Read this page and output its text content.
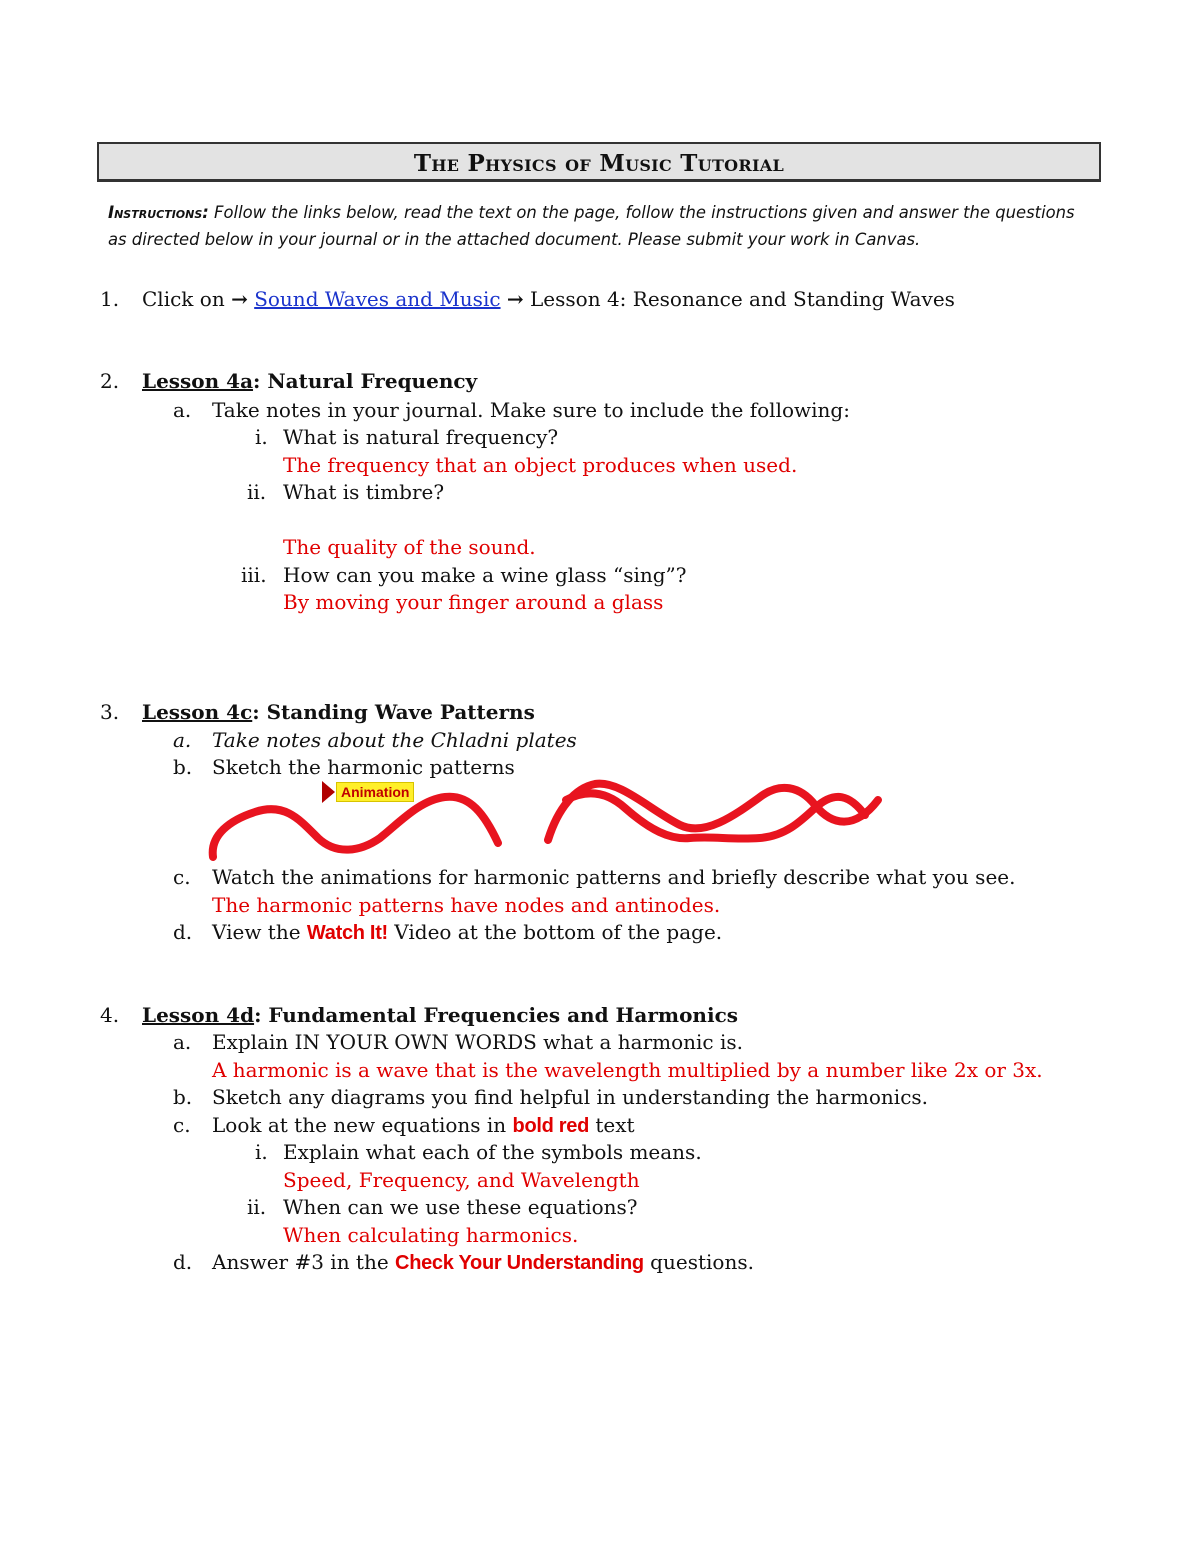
The Physics of Music Tutorial
Instructions: Follow the links below, read the text on the page, follow the instructions given and answer the questions as directed below in your journal or in the attached document. Please submit your work in Canvas.
1. Click on → Sound Waves and Music → Lesson 4: Resonance and Standing Waves
2. Lesson 4a: Natural Frequency
a. Take notes in your journal. Make sure to include the following:
i. What is natural frequency?
The frequency that an object produces when used.
ii. What is timbre?
The quality of the sound.
iii. How can you make a wine glass “sing”?
By moving your finger around a glass
3. Lesson 4c: Standing Wave Patterns
a. Take notes about the Chladni plates
b. Sketch the harmonic patterns
Animation
c. Watch the animations for harmonic patterns and briefly describe what you see.
The harmonic patterns have nodes and antinodes.
d. View the Watch It! Video at the bottom of the page.
4. Lesson 4d: Fundamental Frequencies and Harmonics
a. Explain IN YOUR OWN WORDS what a harmonic is.
A harmonic is a wave that is the wavelength multiplied by a number like 2x or 3x.
b. Sketch any diagrams you find helpful in understanding the harmonics.
c. Look at the new equations in bold red text
i. Explain what each of the symbols means.
Speed, Frequency, and Wavelength
ii. When can we use these equations?
When calculating harmonics.
d. Answer #3 in the Check Your Understanding questions.
